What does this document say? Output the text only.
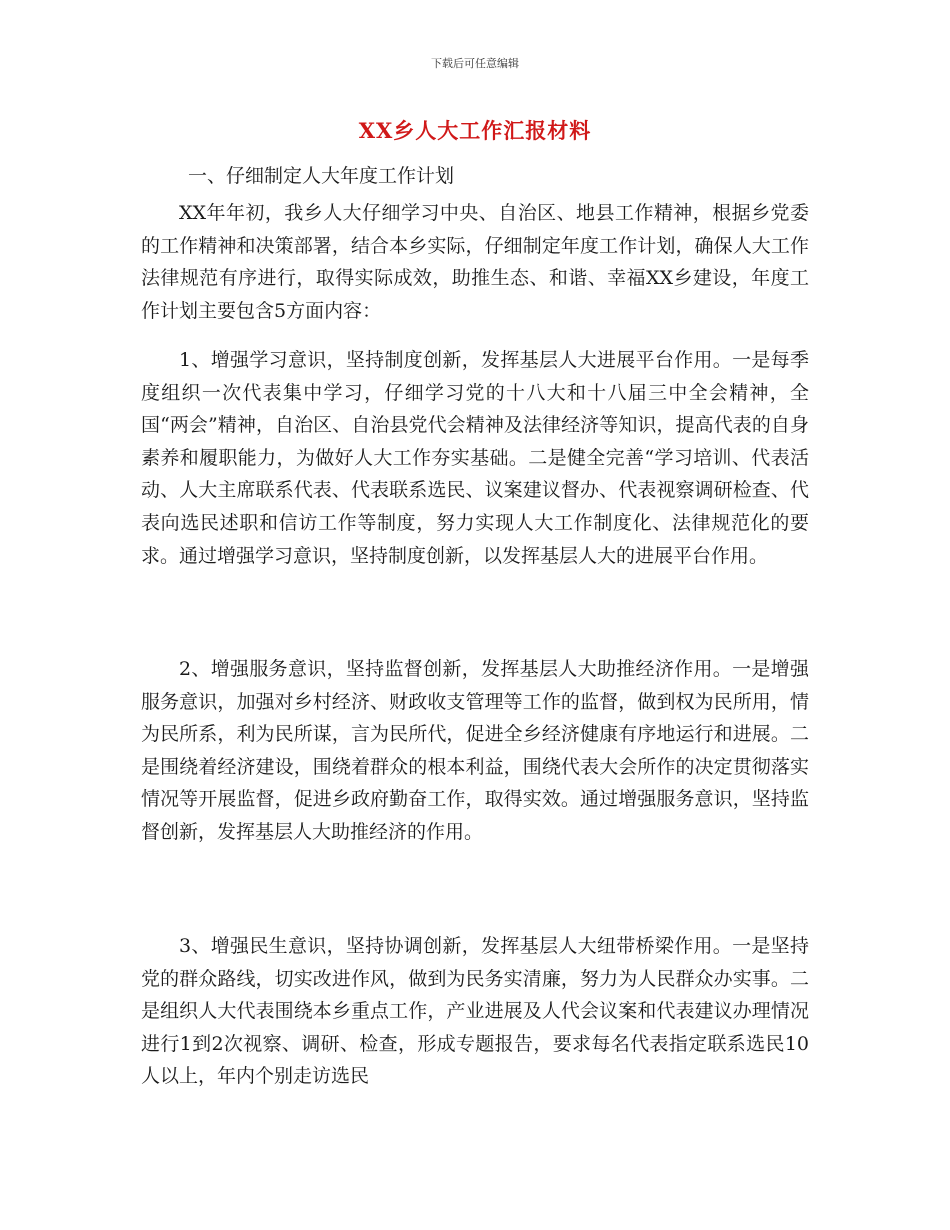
下载后可任意编辑
XX乡人大工作汇报材料
一、仔细制定人大年度工作计划

XX年年初，我乡人大仔细学习中央、自治区、地县工作精神，根据乡党委的工作精神和决策部署，结合本乡实际，仔细制定年度工作计划，确保人大工作法律规范有序进行，取得实际成效，助推生态、和谐、幸福XX乡建设，年度工作计划主要包含5方面内容：

1、增强学习意识，坚持制度创新，发挥基层人大进展平台作用。一是每季度组织一次代表集中学习，仔细学习党的十八大和十八届三中全会精神，全国“两会”精神，自治区、自治县党代会精神及法律经济等知识，提高代表的自身素养和履职能力，为做好人大工作夯实基础。二是健全完善“学习培训、代表活动、人大主席联系代表、代表联系选民、议案建议督办、代表视察调研检查、代表向选民述职和信访工作等制度，努力实现人大工作制度化、法律规范化的要求。通过增强学习意识，坚持制度创新，以发挥基层人大的进展平台作用。

2、增强服务意识，坚持监督创新，发挥基层人大助推经济作用。一是增强服务意识，加强对乡村经济、财政收支管理等工作的监督，做到权为民所用，情为民所系，利为民所谋，言为民所代，促进全乡经济健康有序地运行和进展。二是围绕着经济建设，围绕着群众的根本利益，围绕代表大会所作的决定贯彻落实情况等开展监督，促进乡政府勤奋工作，取得实效。通过增强服务意识，坚持监督创新，发挥基层人大助推经济的作用。

3、增强民生意识，坚持协调创新，发挥基层人大纽带桥梁作用。一是坚持党的群众路线，切实改进作风，做到为民务实清廉，努力为人民群众办实事。二是组织人大代表围绕本乡重点工作，产业进展及人代会议案和代表建议办理情况进行1到2次视察、调研、检查，形成专题报告，要求每名代表指定联系选民10人以上，年内个别走访选民
